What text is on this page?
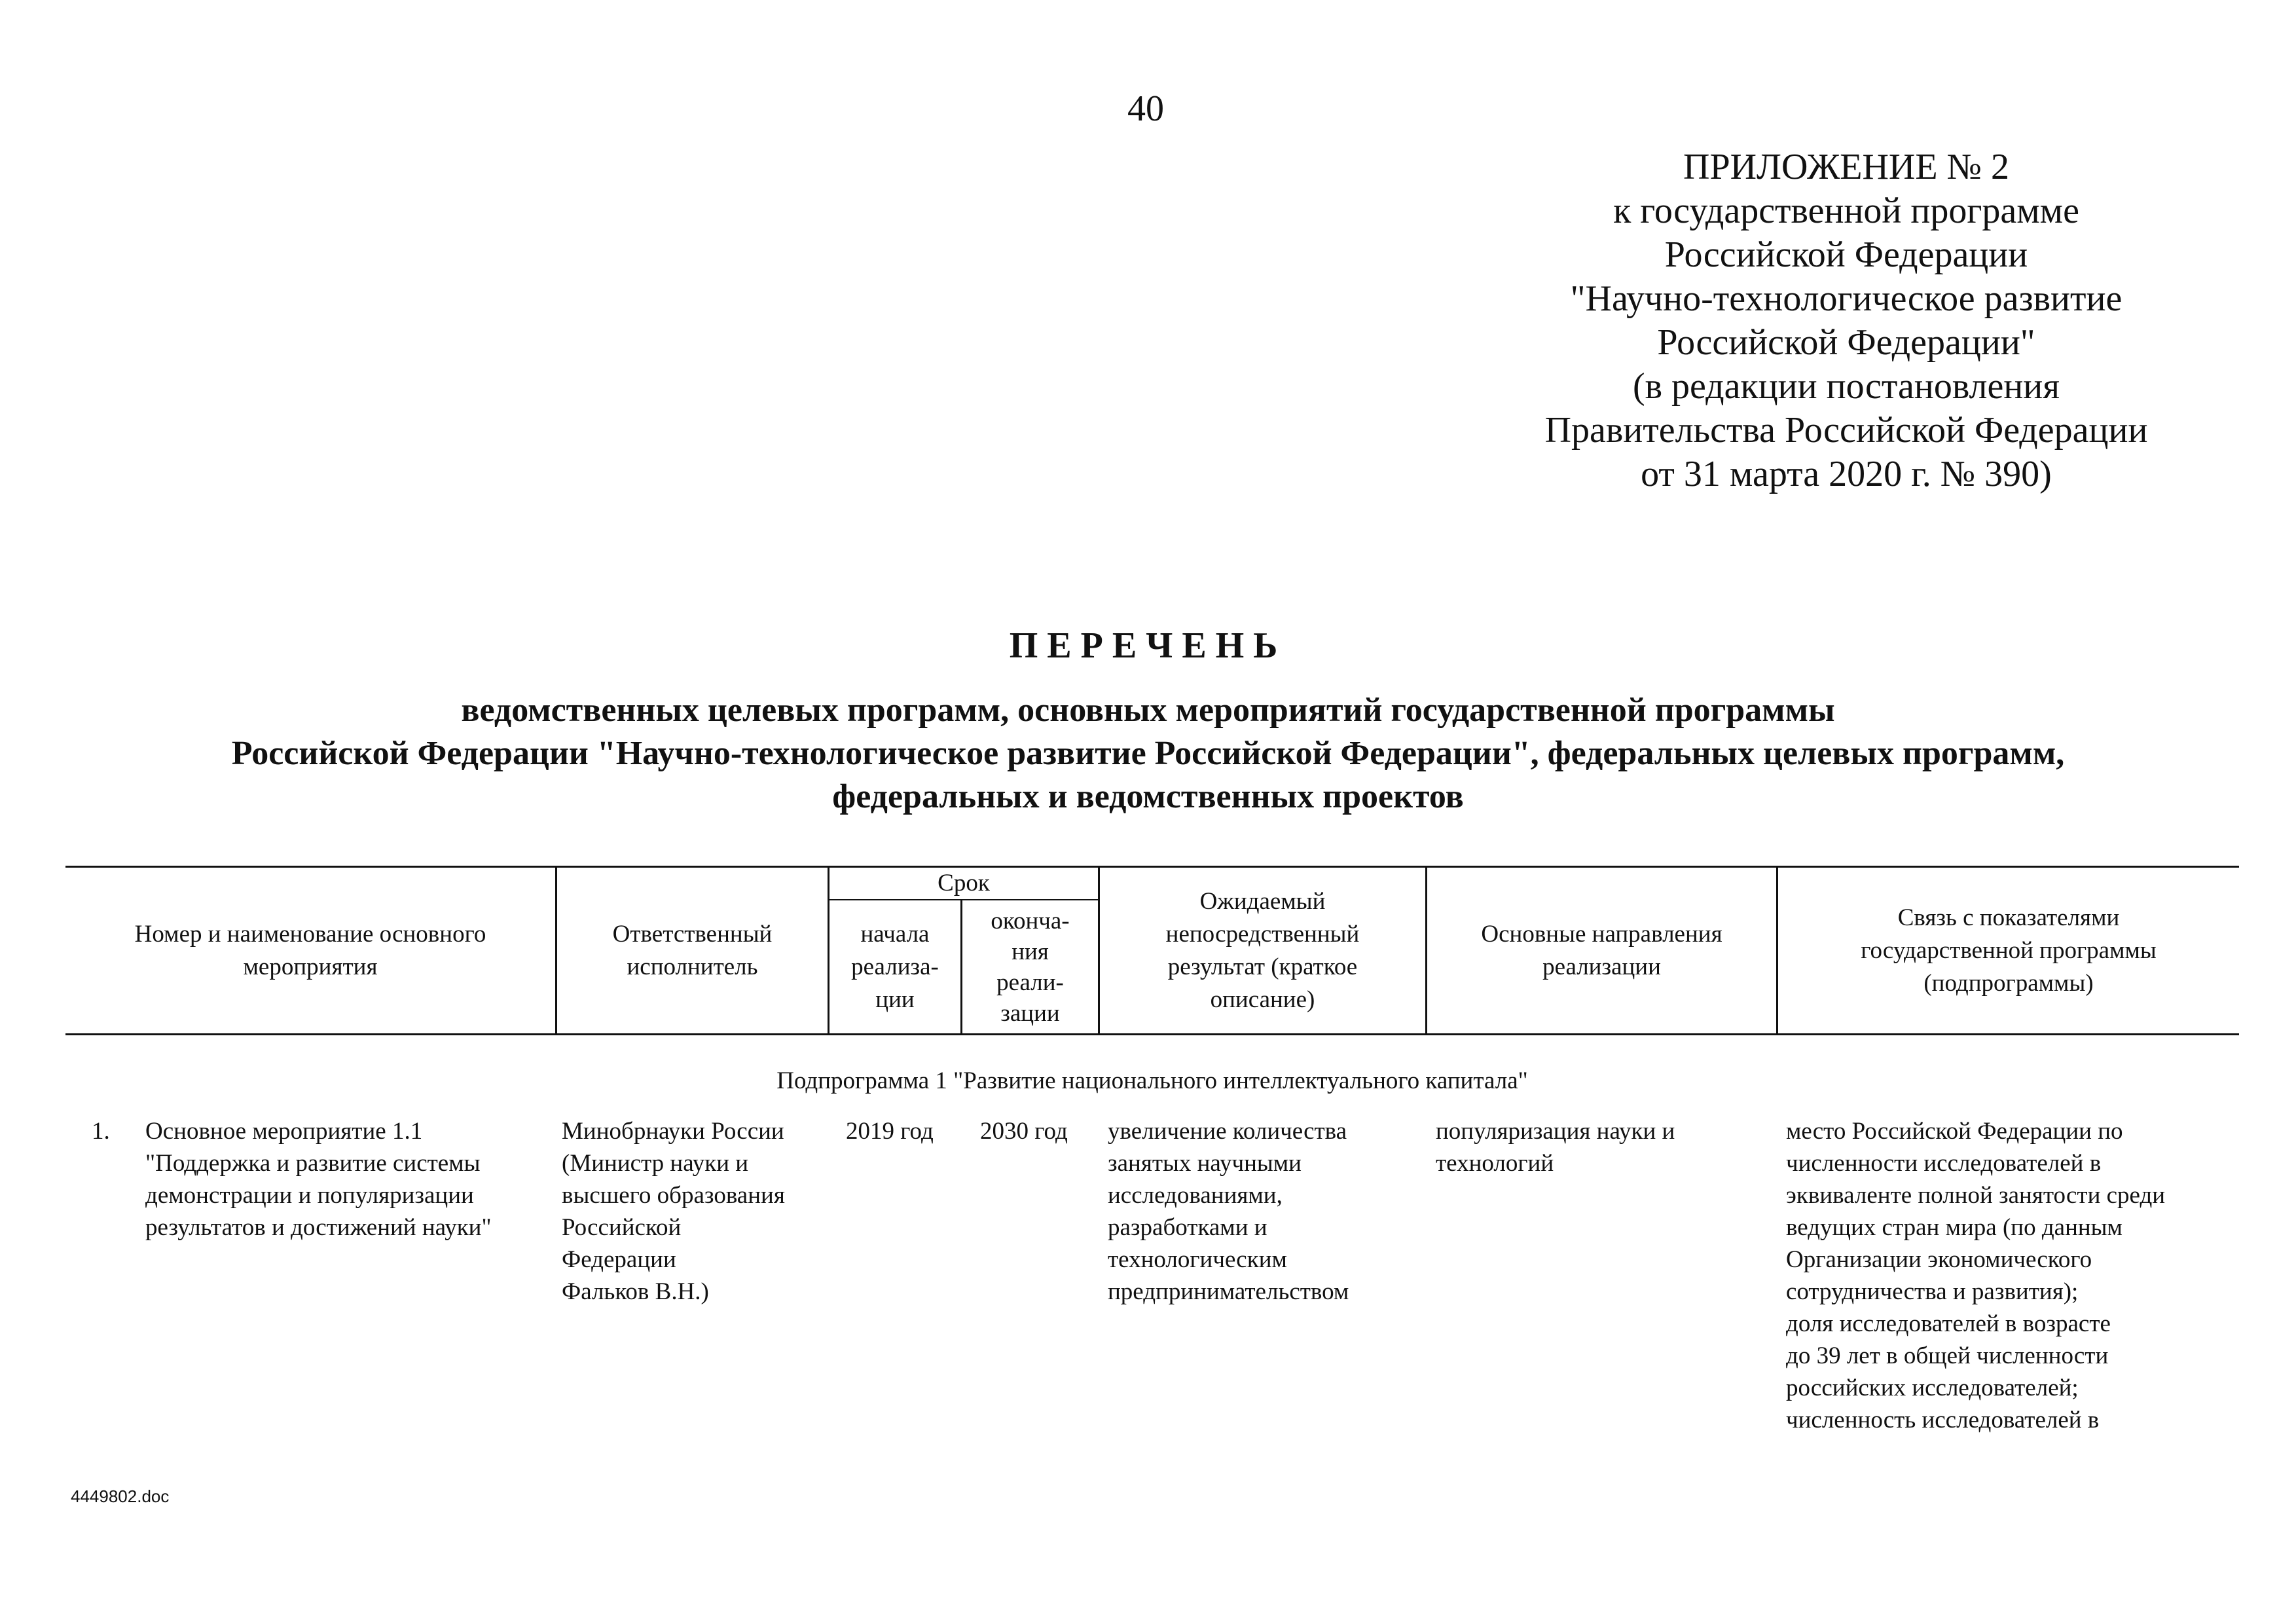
40
ПРИЛОЖЕНИЕ № 2
к государственной программе
Российской Федерации
"Научно-технологическое развитие
Российской Федерации"
(в редакции постановления
Правительства Российской Федерации
от 31 марта 2020 г. № 390)
ПЕРЕЧЕНЬ
ведомственных целевых программ, основных мероприятий государственной программы
Российской Федерации "Научно-технологическое развитие Российской Федерации", федеральных целевых программ,
федеральных и ведомственных проектов
Номер и наименование основного
мероприятия
Ответственный
исполнитель
Срок
начала
реализа-
ции
оконча-
ния
реали-
зации
Ожидаемый
непосредственный
результат (краткое
описание)
Основные направления
реализации
Связь с показателями
государственной программы
(подпрограммы)
Подпрограмма 1 "Развитие национального интеллектуального капитала"
1. Основное мероприятие 1.1
"Поддержка и развитие системы
демонстрации и популяризации
результатов и достижений науки"
Минобрнауки России
(Министр науки и
высшего образования
Российской
Федерации
Фальков В.Н.)
2019 год 2030 год увеличение количества
занятых научными
исследованиями,
разработками и
технологическим
предпринимательством
популяризация науки и
технологий
место Российской Федерации по
численности исследователей в
эквиваленте полной занятости среди
ведущих стран мира (по данным
Организации экономического
сотрудничества и развития);
доля исследователей в возрасте
до 39 лет в общей численности
российских исследователей;
численность исследователей в
4449802.doc
